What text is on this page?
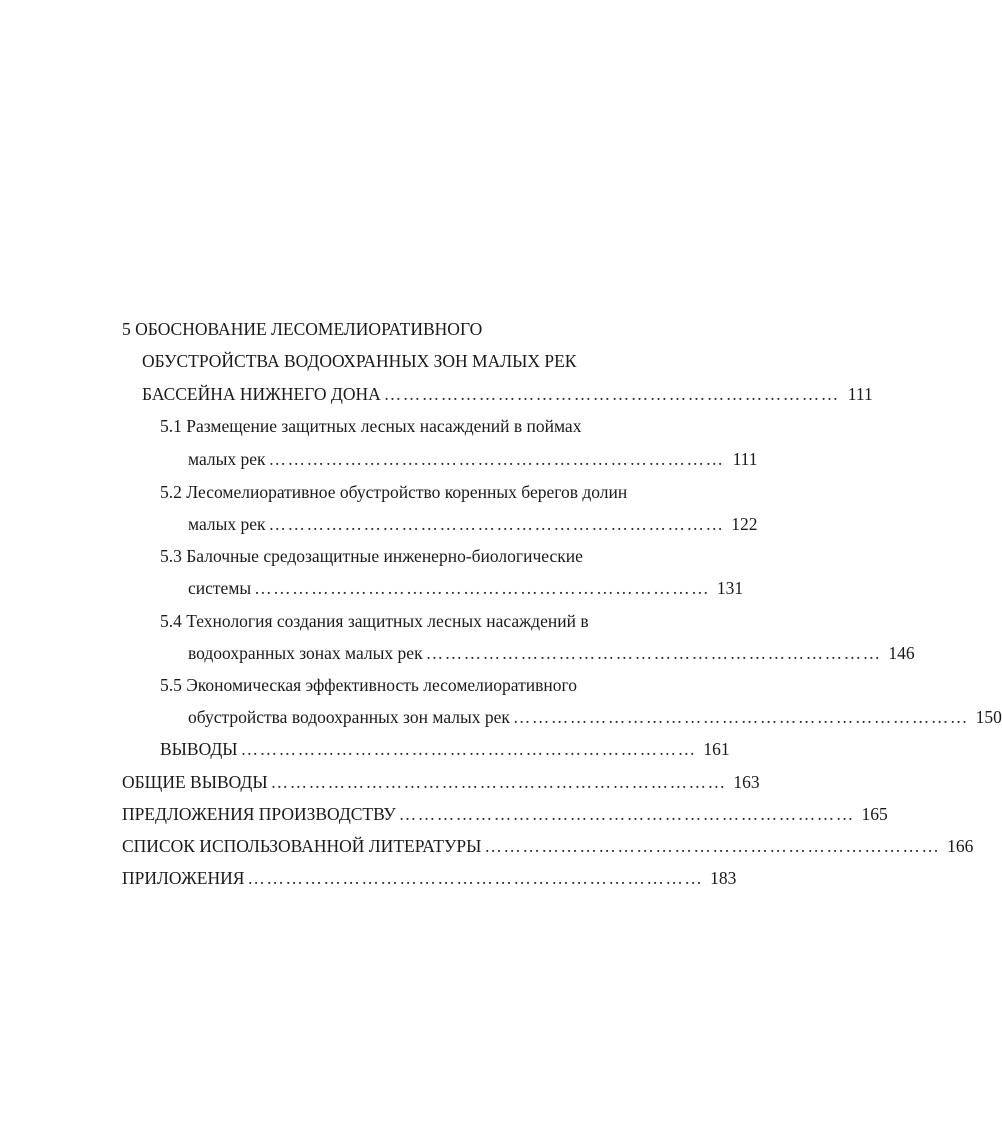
5 ОБОСНОВАНИЕ ЛЕСОМЕЛИОРАТИВНОГО
ОБУСТРОЙСТВА ВОДООХРАННЫХ ЗОН МАЛЫХ РЕК
БАССЕЙНА НИЖНЕГО ДОНА ……………………………………………………………… 111
5.1 Размещение защитных лесных насаждений в поймах
малых рек ……………………………………………………………… 111
5.2 Лесомелиоративное обустройство коренных берегов долин
малых рек ……………………………………………………………… 122
5.3 Балочные средозащитные инженерно-биологические
системы ……………………………………………………………… 131
5.4 Технология создания защитных лесных насаждений в
водоохранных зонах малых рек ……………………………………………………………… 146
5.5 Экономическая эффективность лесомелиоративного
обустройства водоохранных зон малых рек ……………………………………………………………… 150
ВЫВОДЫ ……………………………………………………………… 161
ОБЩИЕ ВЫВОДЫ ……………………………………………………………… 163
ПРЕДЛОЖЕНИЯ ПРОИЗВОДСТВУ ……………………………………………………………… 165
СПИСОК ИСПОЛЬЗОВАННОЙ ЛИТЕРАТУРЫ ……………………………………………………………… 166
ПРИЛОЖЕНИЯ ……………………………………………………………… 183
